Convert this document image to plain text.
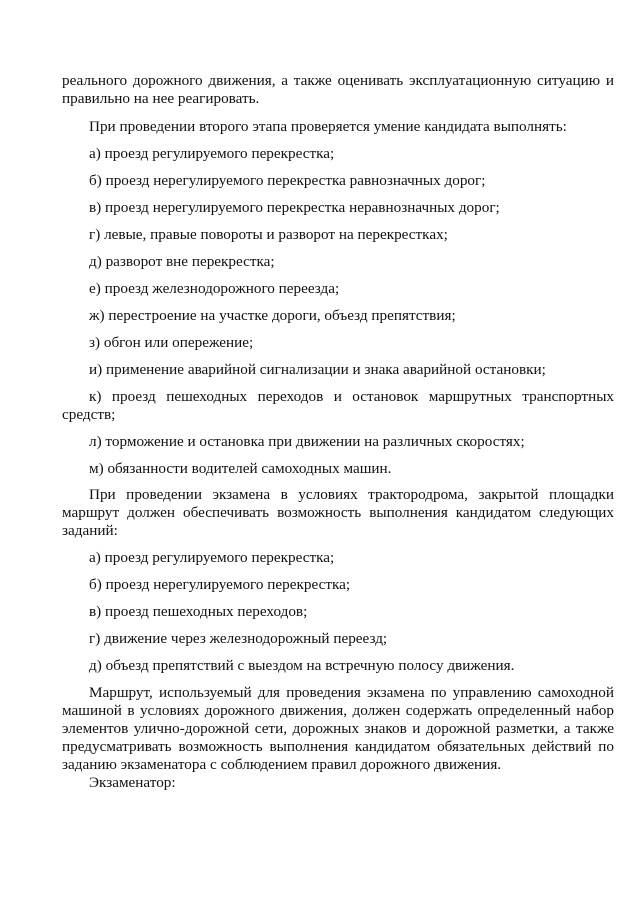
реального дорожного движения, а также оценивать эксплуатационную ситуацию и правильно на нее реагировать.

При проведении второго этапа проверяется умение кандидата выполнять:

а) проезд регулируемого перекрестка;

б) проезд нерегулируемого перекрестка равнозначных дорог;

в) проезд нерегулируемого перекрестка неравнозначных дорог;

г) левые, правые повороты и разворот на перекрестках;

д) разворот вне перекрестка;

е) проезд железнодорожного переезда;

ж) перестроение на участке дороги, объезд препятствия;

з) обгон или опережение;

и) применение аварийной сигнализации и знака аварийной остановки;

к) проезд пешеходных переходов и остановок маршрутных транспортных средств;

л) торможение и остановка при движении на различных скоростях;

м) обязанности водителей самоходных машин.

При проведении экзамена в условиях трактородрома, закрытой площадки маршрут должен обеспечивать возможность выполнения кандидатом следующих заданий:

а) проезд регулируемого перекрестка;

б) проезд нерегулируемого перекрестка;

в) проезд пешеходных переходов;

г) движение через железнодорожный переезд;

д) объезд препятствий с выездом на встречную полосу движения.

Маршрут, используемый для проведения экзамена по управлению самоходной машиной в условиях дорожного движения, должен содержать определенный набор элементов улично-дорожной сети, дорожных знаков и дорожной разметки, а также предусматривать возможность выполнения кандидатом обязательных действий по заданию экзаменатора с соблюдением правил дорожного движения.

Экзаменатор:
